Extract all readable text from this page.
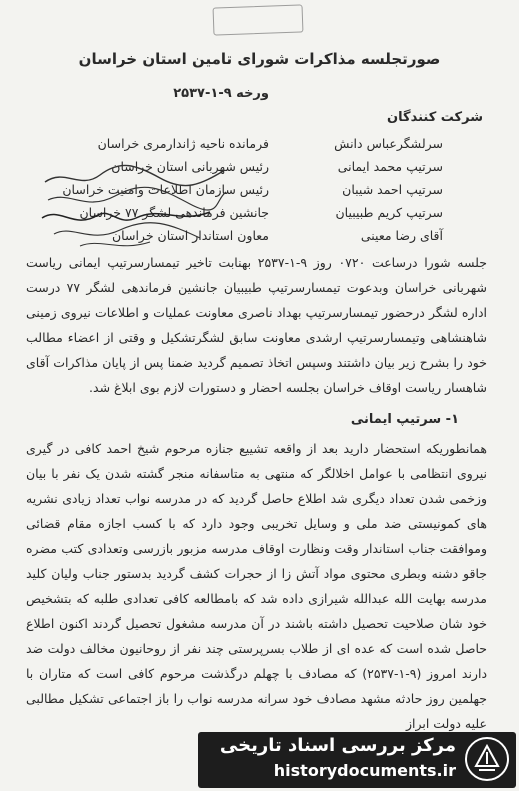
صورتجلسه مذاکرات شورای تامین استان خراسان
ورخه ۹-۱-۲۵۳۷
شرکت کنندگان
سرلشگرعباس دانش
فرمانده ناحیه ژاندارمری خراسان
سرتیپ محمد ایمانی
رئیس شهربانی استان خراسان
سرتیپ احمد شیبان
رئیس سازمان اطلاعات وامنیت خراسان
سرتیپ کریم طبیبیان
جانشین فرماندهی لشگر ۷۷ خراسان
آقای رضا معینی
معاون استاندار استان خراسان
جلسه شورا درساعت ۰۷۲۰ روز ۹-۱-۲۵۳۷ بهنابت تاخیر تیمسارسرتیپ ایمانی ریاست شهربانی خراسان وبدعوت تیمسارسرتیپ طبیبیان جانشین فرماندهی لشگر ۷۷ درست اداره لشگر درحضور تیمسارسرتیپ بهداد ناصری معاونت عملیات و اطلاعات نیروی زمینی شاهنشاهی وتیمسارسرتیپ ارشدی معاونت سابق لشگرتشکیل و وقتی از اعضاء مطالب خود را بشرح زیر بیان داشتند وسپس اتخاذ تصمیم گردید ضمنا پس از پایان مذاکرات آقای شاهسار ریاست اوقاف خراسان بجلسه احضار و دستورات لازم بوی ابلاغ شد.
۱- سرتیپ ایمانی
همانطوریکه استحضار دارید بعد از واقعه تشییع جنازه مرحوم شیخ احمد کافی در گیری نیروی انتظامی با عوامل اخلالگر که منتهی به متاسفانه منجر گشته شدن یک نفر با بیان وزخمی شدن تعداد دیگری شد اطلاع حاصل گردید که در مدرسه نواب تعداد زیادی نشریه های کمونیستی ضد ملی و وسایل تخریبی وجود دارد که با کسب اجازه مقام قضائی وموافقت جناب استاندار وقت ونظارت اوقاف مدرسه مزبور بازرسی وتعدادی کتب مضره جاقو دشنه وبطری محتوی مواد آتش زا از حجرات کشف گردید بدستور جناب ولیان کلید مدرسه بهایت الله عبدالله شیرازی داده شد که بامطالعه کافی تعدادی طلبه که بتشخیص خود شان صلاحیت تحصیل داشته باشند در آن مدرسه مشغول تحصیل گردند اکنون اطلاع حاصل شده است که عده ای از طلاب بسرپرستی چند نفر از روحانیون مخالف دولت ضد دارند امروز (۹-۱-۲۵۳۷) که مصادف با چهلم درگذشت مرحوم کافی است که متاران با جهلمین روز حادثه مشهد مصادف خود سرانه مدرسه نواب را باز اجتماعی تشکیل مطالبی علیه دولت ابراز
مرکز بررسی اسناد تاریخی
historydocuments.ir
